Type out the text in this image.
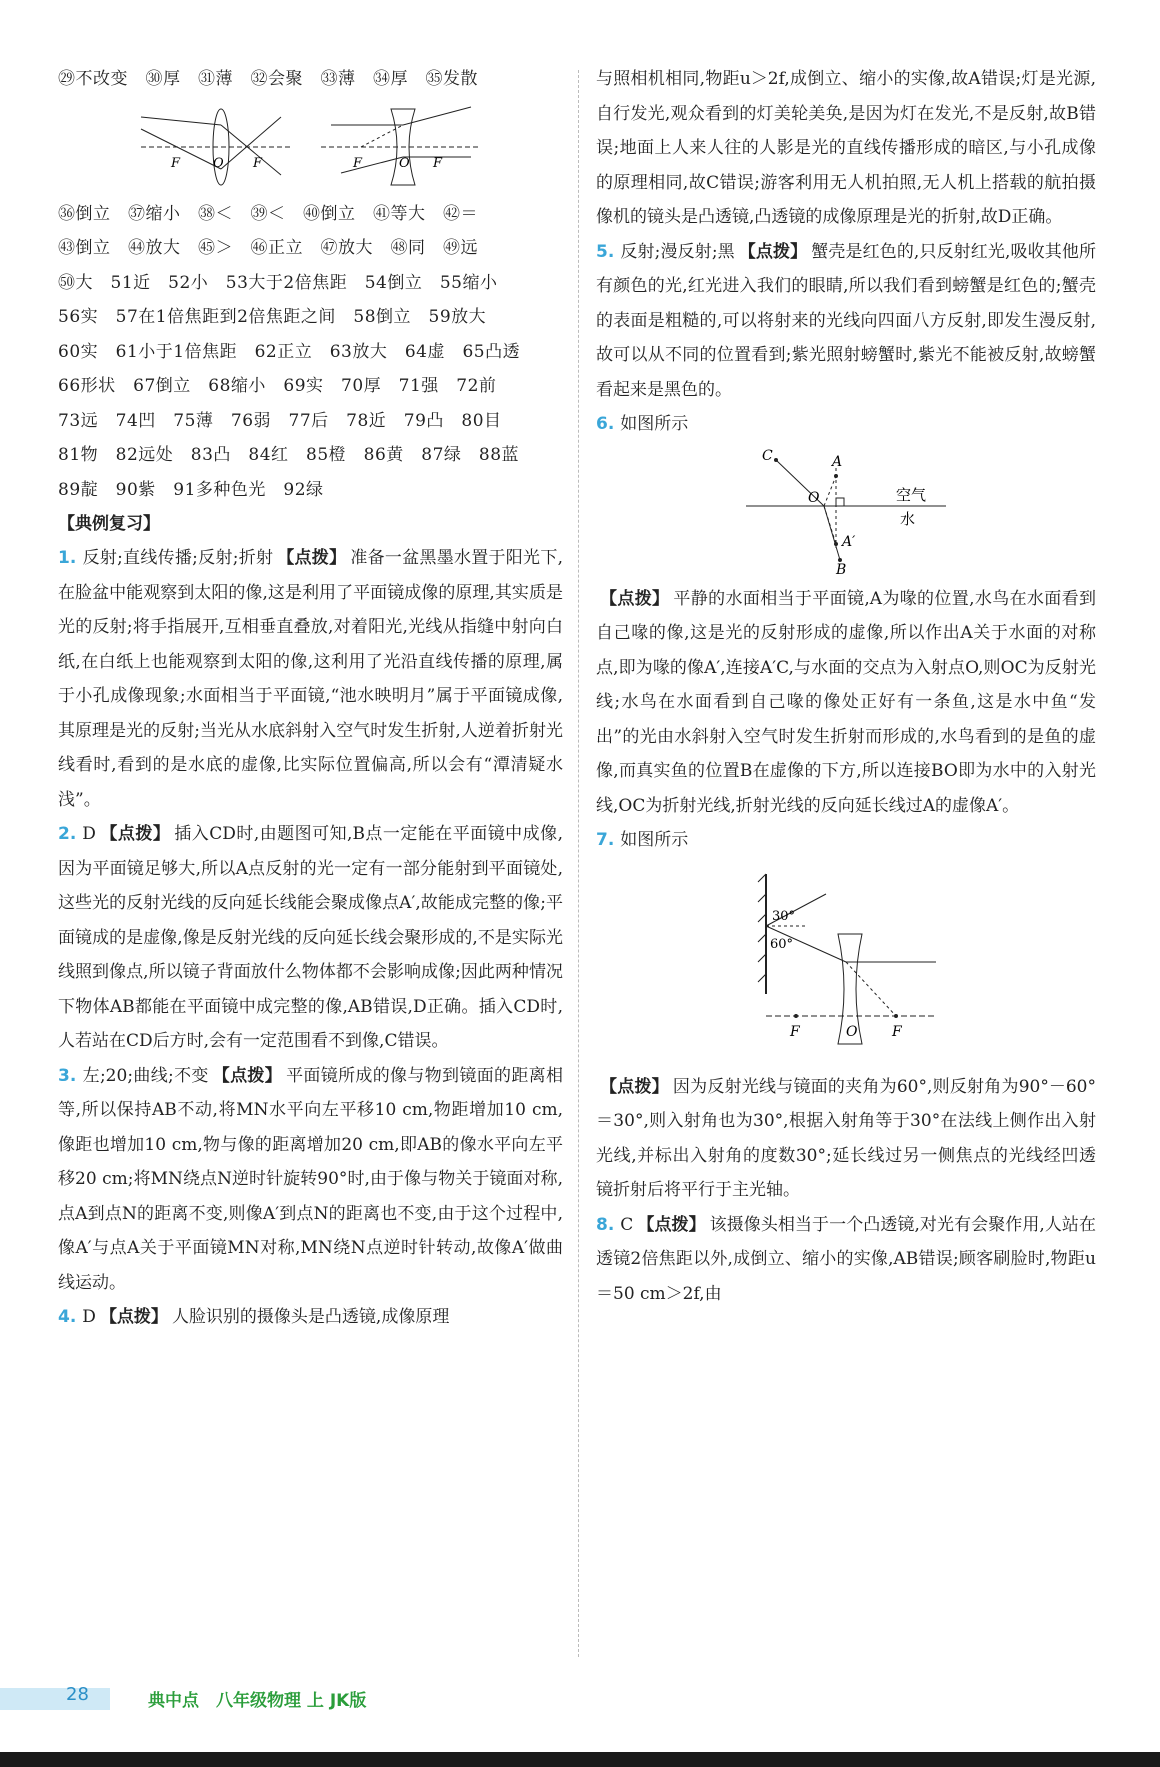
㉙不改变　㉚厚　㉛薄　㉜会聚　㉝薄　㉞厚　㉟发散
F	O F	F	O F
㊱倒立　㊲缩小　㊳＜　㊴＜　㊵倒立　㊶等大　㊷＝
㊸倒立　㊹放大　㊺＞　㊻正立　㊼放大　㊽同　㊾远
㊿大　51近　52小　53大于2倍焦距　54倒立　55缩小
56实　57在1倍焦距到2倍焦距之间　58倒立　59放大
60实　61小于1倍焦距　62正立　63放大　64虚　65凸透
66形状　67倒立　68缩小　69实　70厚　71强　72前
73远　74凹　75薄　76弱　77后　78近　79凸　80目
81物　82远处　83凸　84红　85橙　86黄　87绿　88蓝
89靛　90紫　91多种色光　92绿
【典例复习】
1. 反射;直线传播;反射;折射 【点拨】 准备一盆黑墨水置于阳光下,在脸盆中能观察到太阳的像,这是利用了平面镜成像的原理,其实质是光的反射;将手指展开,互相垂直叠放,对着阳光,光线从指缝中射向白纸,在白纸上也能观察到太阳的像,这利用了光沿直线传播的原理,属于小孔成像现象;水面相当于平面镜,“池水映明月”属于平面镜成像,其原理是光的反射;当光从水底斜射入空气时发生折射,人逆着折射光线看时,看到的是水底的虚像,比实际位置偏高,所以会有“潭清疑水浅”。
2. D 【点拨】 插入CD时,由题图可知,B点一定能在平面镜中成像,因为平面镜足够大,所以A点反射的光一定有一部分能射到平面镜处,这些光的反射光线的反向延长线能会聚成像点A′,故能成完整的像;平面镜成的是虚像,像是反射光线的反向延长线会聚形成的,不是实际光线照到像点,所以镜子背面放什么物体都不会影响成像;因此两种情况下物体AB都能在平面镜中成完整的像,AB错误,D正确。插入CD时,人若站在CD后方时,会有一定范围看不到像,C错误。
3. 左;20;曲线;不变 【点拨】 平面镜所成的像与物到镜面的距离相等,所以保持AB不动,将MN水平向左平移10 cm,物距增加10 cm,像距也增加10 cm,物与像的距离增加20 cm,即AB的像水平向左平移20 cm;将MN绕点N逆时针旋转90°时,由于像与物关于镜面对称,点A到点N的距离不变,则像A′到点N的距离也不变,由于这个过程中,像A′与点A关于平面镜MN对称,MN绕N点逆时针转动,故像A′做曲线运动。
4. D 【点拨】 人脸识别的摄像头是凸透镜,成像原理
与照相机相同,物距u＞2f,成倒立、缩小的实像,故A错误;灯是光源,自行发光,观众看到的灯美轮美奂,是因为灯在发光,不是反射,故B错误;地面上人来人往的人影是光的直线传播形成的暗区,与小孔成像的原理相同,故C错误;游客利用无人机拍照,无人机上搭载的航拍摄像机的镜头是凸透镜,凸透镜的成像原理是光的折射,故D正确。
5. 反射;漫反射;黑 【点拨】 蟹壳是红色的,只反射红光,吸收其他所有颜色的光,红光进入我们的眼睛,所以我们看到螃蟹是红色的;蟹壳的表面是粗糙的,可以将射来的光线向四面八方反射,即发生漫反射,故可以从不同的位置看到;紫光照射螃蟹时,紫光不能被反射,故螃蟹看起来是黑色的。
6. 如图所示
C	A
O	空气
水
A′
B
【点拨】 平静的水面相当于平面镜,A为喙的位置,水鸟在水面看到自己喙的像,这是光的反射形成的虚像,所以作出A关于水面的对称点,即为喙的像A′,连接A′C,与水面的交点为入射点O,则OC为反射光线;水鸟在水面看到自己喙的像处正好有一条鱼,这是水中鱼“发出”的光由水斜射入空气时发生折射而形成的,水鸟看到的是鱼的虚像,而真实鱼的位置B在虚像的下方,所以连接BO即为水中的入射光线,OC为折射光线,折射光线的反向延长线过A的虚像A′。
7. 如图所示
30°
60°
F	O F
【点拨】 因为反射光线与镜面的夹角为60°,则反射角为90°－60°＝30°,则入射角也为30°,根据入射角等于30°在法线上侧作出入射光线,并标出入射角的度数30°;延长线过另一侧焦点的光线经凹透镜折射后将平行于主光轴。
8. C 【点拨】 该摄像头相当于一个凸透镜,对光有会聚作用,人站在透镜2倍焦距以外,成倒立、缩小的实像,AB错误;顾客刷脸时,物距u＝50 cm＞2f,由
28	典中点　八年级物理 上 JK版
